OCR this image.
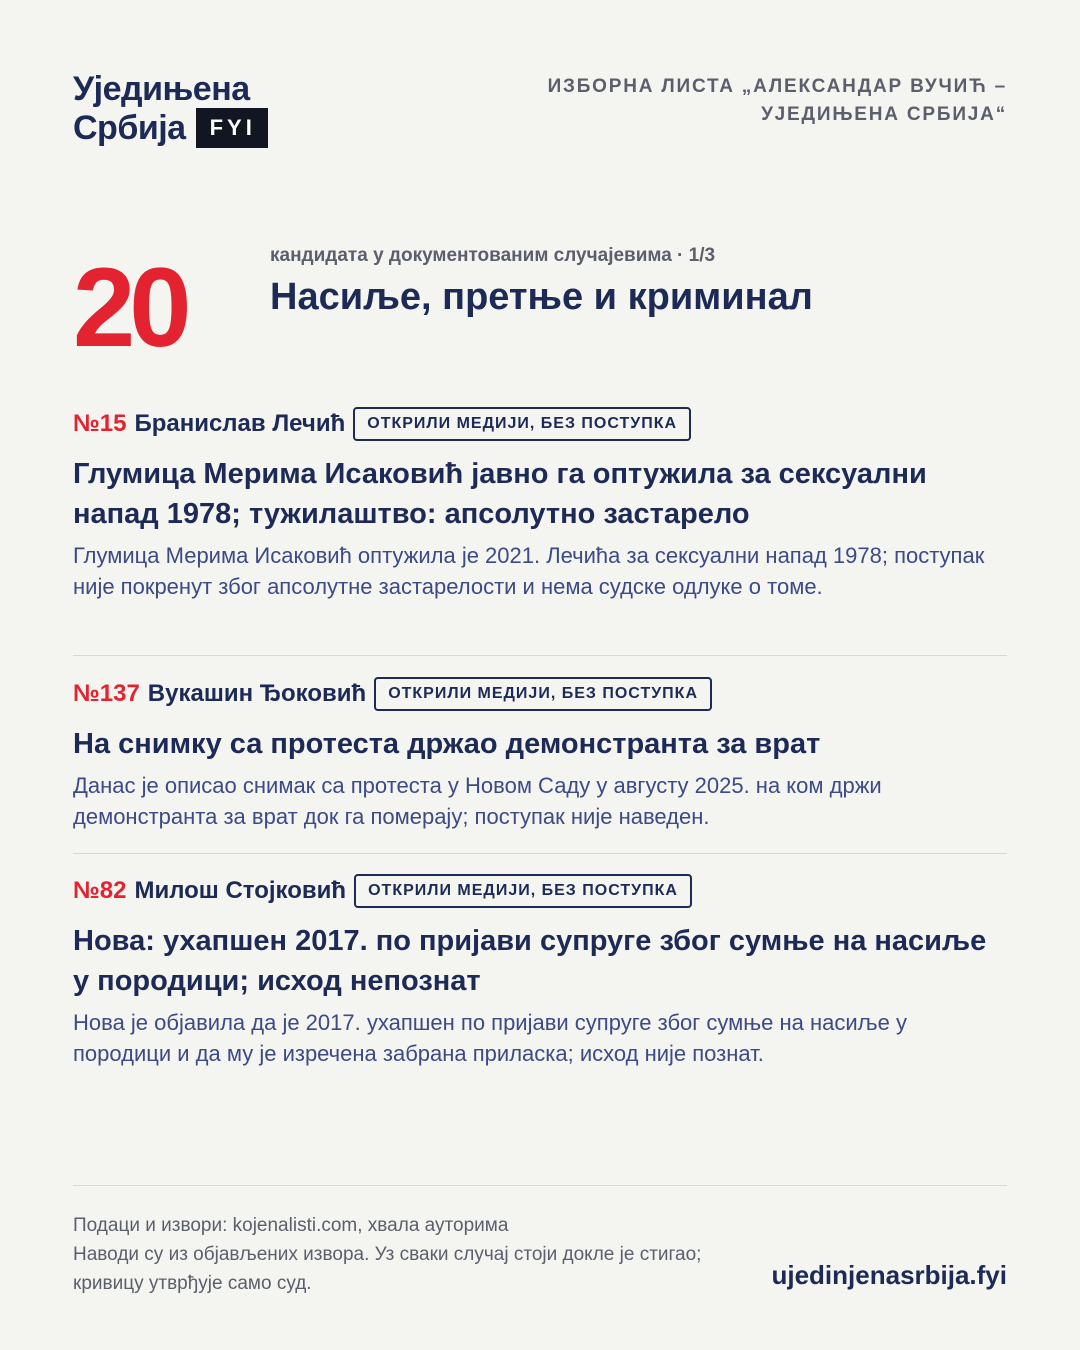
Уједињена
Србија	FYI
ИЗБОРНА ЛИСТА „АЛЕКСАНДАР ВУЧИЋ – УЈЕДИЊЕНА СРБИЈА“
20	кандидата у документованим случајевима · 1/3
Насиље, претње и криминал
№15 Бранислав Лечић	ОТКРИЛИ МЕДИЈИ, БЕЗ ПОСТУПКА
Глумица Мерима Исаковић јавно га оптужила за сексуални напад 1978; тужилаштво: апсолутно застарело
Глумица Мерима Исаковић оптужила је 2021. Лечића за сексуални напад 1978; поступак није покренут због апсолутне застарелости и нема судске одлуке о томе.
№137 Вукашин Ђоковић	ОТКРИЛИ МЕДИЈИ, БЕЗ ПОСТУПКА
На снимку са протеста држао демонстранта за врат
Данас је описао снимак са протеста у Новом Саду у августу 2025. на ком држи демонстранта за врат док га померају; поступак није наведен.
№82 Милош Стојковић	ОТКРИЛИ МЕДИЈИ, БЕЗ ПОСТУПКА
Нова: ухапшен 2017. по пријави супруге због сумње на насиље у породици; исход непознат
Нова је објавила да је 2017. ухапшен по пријави супруге због сумње на насиље у породици и да му је изречена забрана приласка; исход није познат.
Подаци и извори: kojenalisti.com, хвала ауторима
Наводи су из објављених извора. Уз сваки случај стоји докле је стигао; кривицу утврђује само суд.	ujedinjenasrbija.fyi
